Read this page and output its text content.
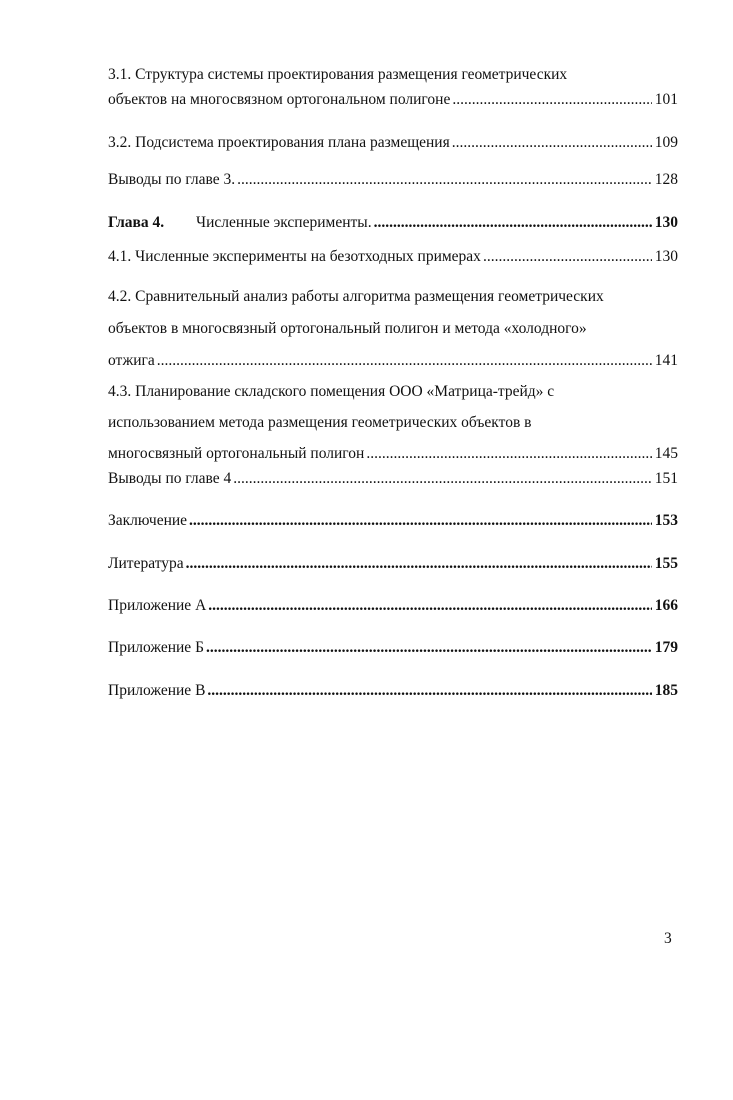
3.1. Структура системы проектирования размещения геометрических
объектов на многосвязном ортогональном полигоне .....	101
3.2. Подсистема проектирования плана размещения .....	109
Выводы по главе 3. .....	128
Глава 4.	Численные эксперименты. .....	130
4.1. Численные эксперименты на безотходных примерах .....	130
4.2. Сравнительный анализ работы алгоритма размещения геометрических
объектов в многосвязный ортогональный полигон и метода «холодного»
отжига .....	141
4.3. Планирование складского помещения ООО «Матрица-трейд» с
использованием метода размещения геометрических объектов в
многосвязный ортогональный полигон .....	145
Выводы по главе 4 .....	151
Заключение .....	153
Литература .....	155
Приложение А .....	166
Приложение Б .....	179
Приложение В .....	185
3
